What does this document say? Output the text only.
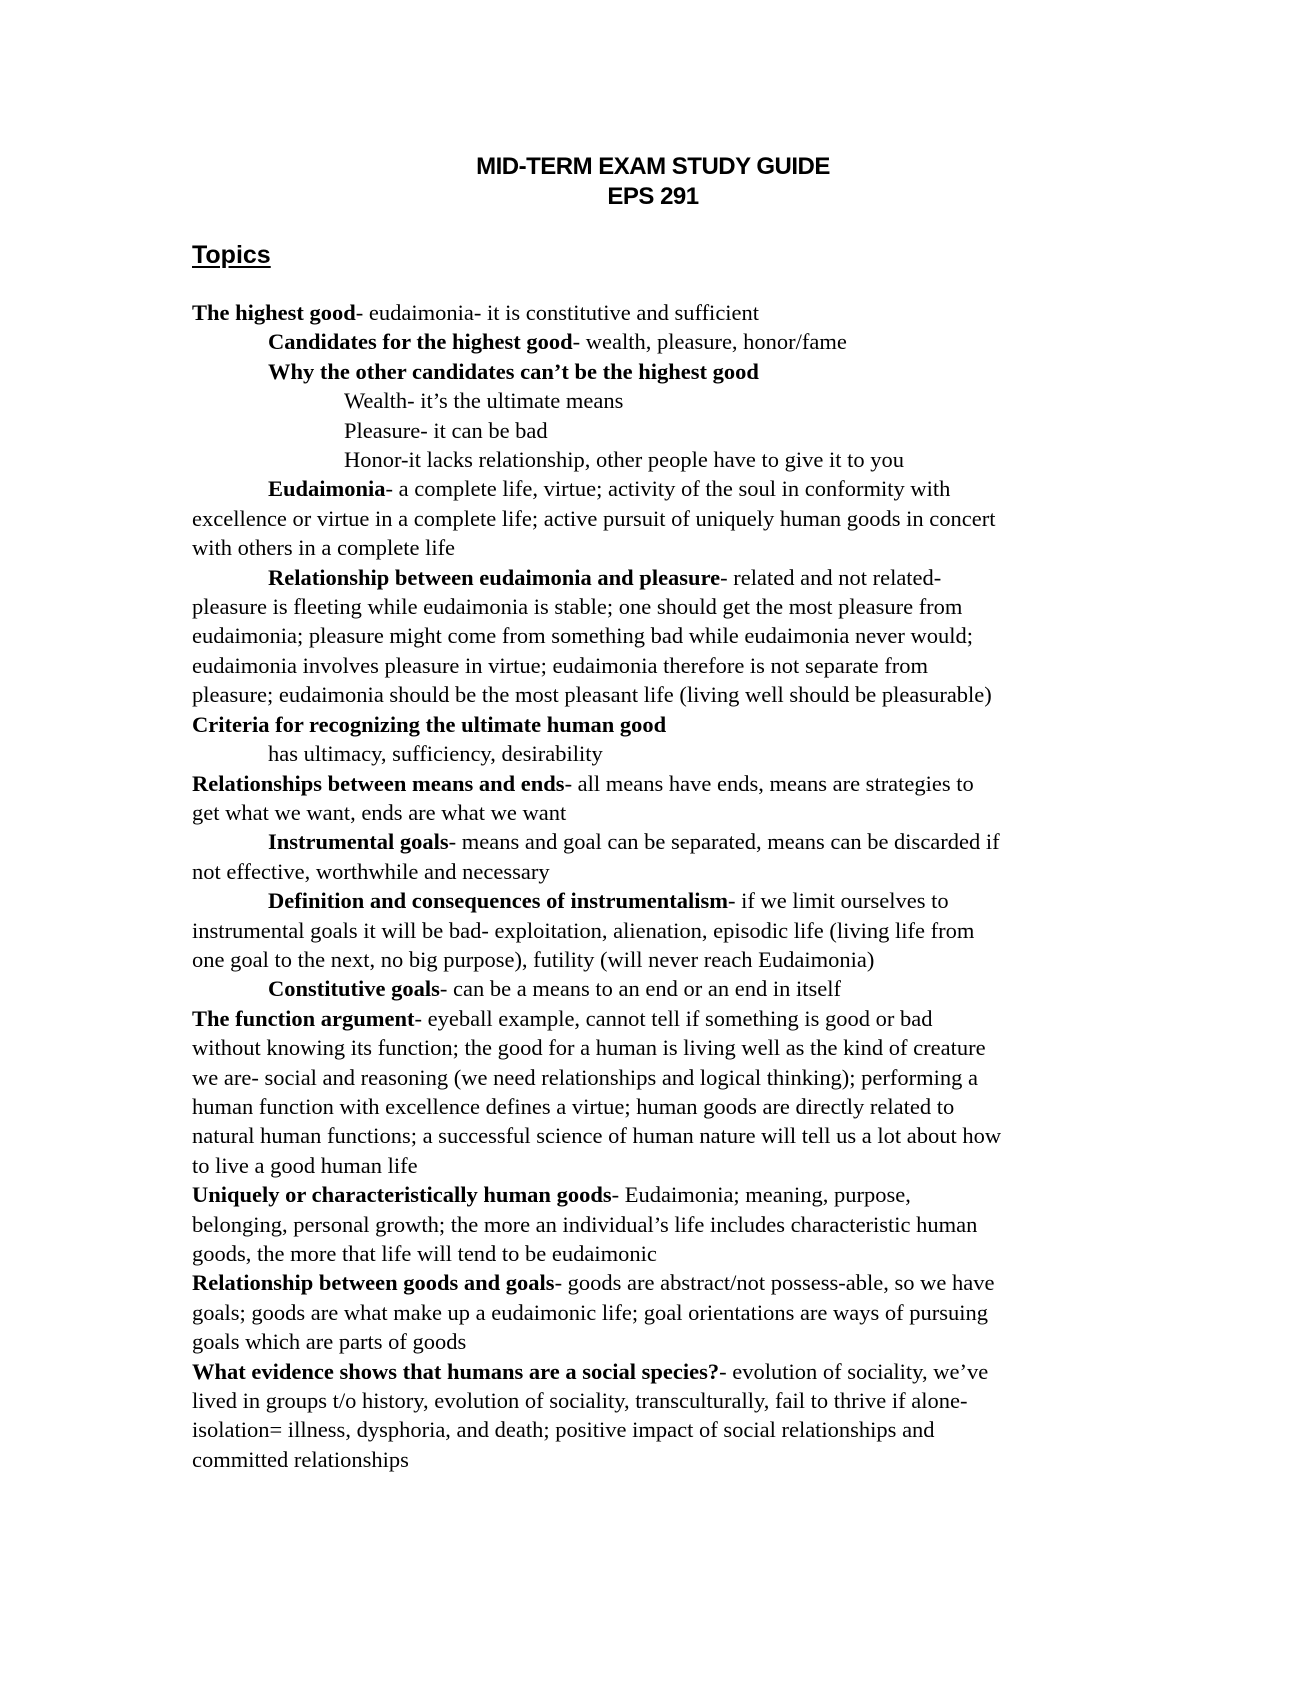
MID-TERM EXAM STUDY GUIDE
EPS 291
Topics
The highest good- eudaimonia- it is constitutive and sufficient
Candidates for the highest good- wealth, pleasure, honor/fame
Why the other candidates can’t be the highest good
Wealth- it’s the ultimate means
Pleasure- it can be bad
Honor-it lacks relationship, other people have to give it to you
Eudaimonia- a complete life, virtue; activity of the soul in conformity with
excellence or virtue in a complete life; active pursuit of uniquely human goods in concert
with others in a complete life
Relationship between eudaimonia and pleasure- related and not related-
pleasure is fleeting while eudaimonia is stable; one should get the most pleasure from
eudaimonia; pleasure might come from something bad while eudaimonia never would;
eudaimonia involves pleasure in virtue; eudaimonia therefore is not separate from
pleasure; eudaimonia should be the most pleasant life (living well should be pleasurable)
Criteria for recognizing the ultimate human good
has ultimacy, sufficiency, desirability
Relationships between means and ends- all means have ends, means are strategies to
get what we want, ends are what we want
Instrumental goals- means and goal can be separated, means can be discarded if
not effective, worthwhile and necessary
Definition and consequences of instrumentalism- if we limit ourselves to
instrumental goals it will be bad- exploitation, alienation, episodic life (living life from
one goal to the next, no big purpose), futility (will never reach Eudaimonia)
Constitutive goals- can be a means to an end or an end in itself
The function argument- eyeball example, cannot tell if something is good or bad
without knowing its function; the good for a human is living well as the kind of creature
we are- social and reasoning (we need relationships and logical thinking); performing a
human function with excellence defines a virtue; human goods are directly related to
natural human functions; a successful science of human nature will tell us a lot about how
to live a good human life
Uniquely or characteristically human goods- Eudaimonia; meaning, purpose,
belonging, personal growth; the more an individual’s life includes characteristic human
goods, the more that life will tend to be eudaimonic
Relationship between goods and goals- goods are abstract/not possess-able, so we have
goals; goods are what make up a eudaimonic life; goal orientations are ways of pursuing
goals which are parts of goods
What evidence shows that humans are a social species?- evolution of sociality, we’ve
lived in groups t/o history, evolution of sociality, transculturally, fail to thrive if alone-
isolation= illness, dysphoria, and death; positive impact of social relationships and
committed relationships
